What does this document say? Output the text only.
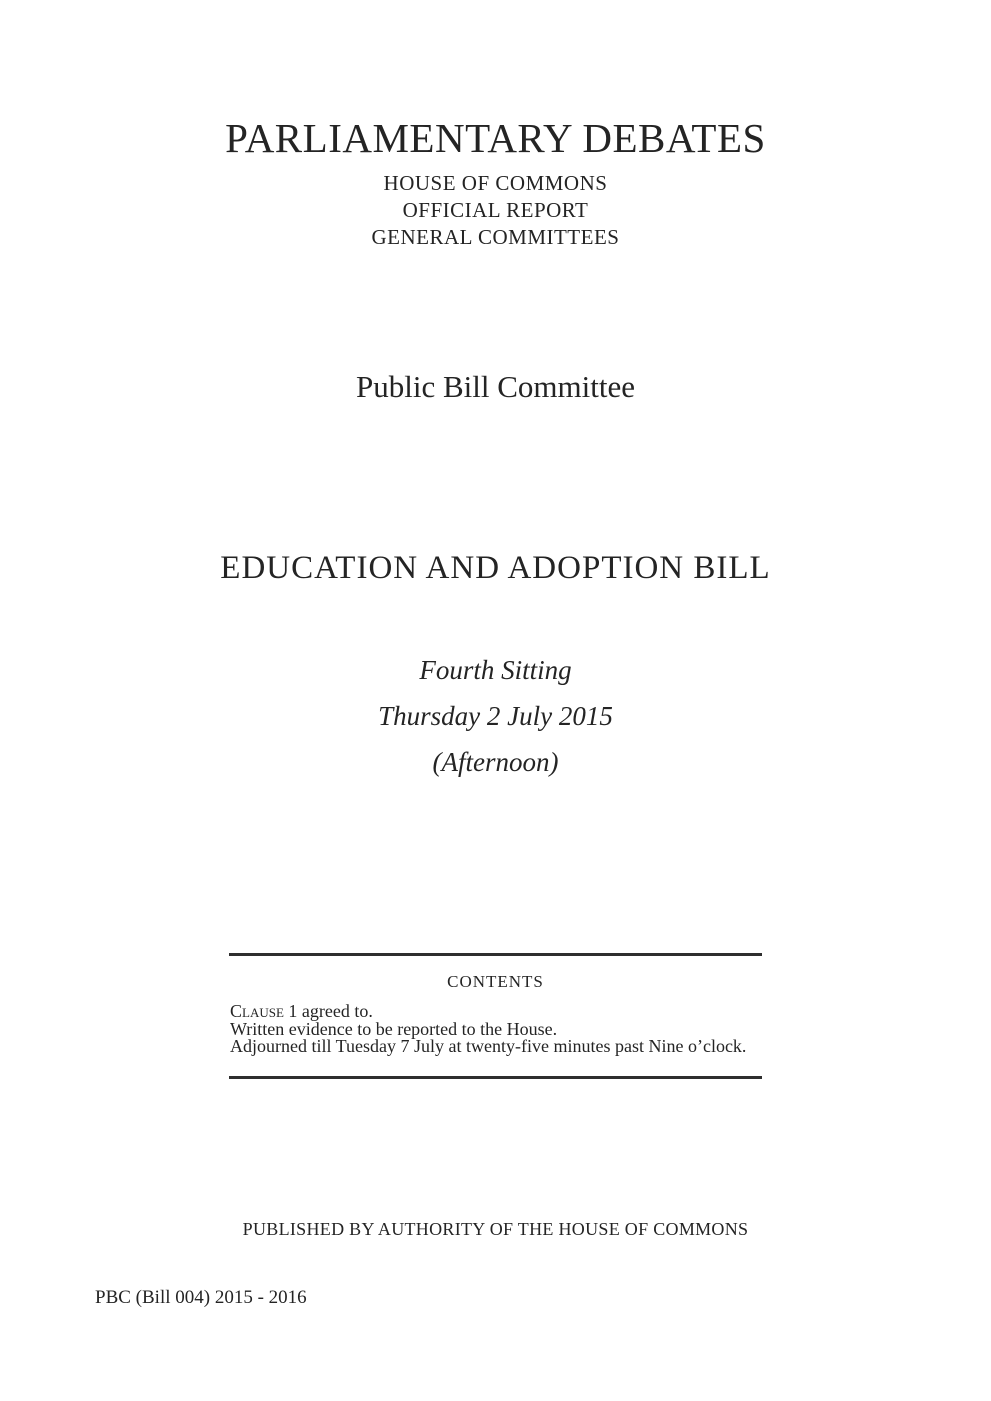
PARLIAMENTARY DEBATES
HOUSE OF COMMONS
OFFICIAL REPORT
GENERAL COMMITTEES
Public Bill Committee
EDUCATION AND ADOPTION BILL
Fourth Sitting
Thursday 2 July 2015
(Afternoon)
CONTENTS

Clause 1 agreed to.

Written evidence to be reported to the House.

Adjourned till Tuesday 7 July at twenty-five minutes past Nine o’clock.

PUBLISHED BY AUTHORITY OF THE HOUSE OF COMMONS
PBC (Bill 004) 2015 - 2016
